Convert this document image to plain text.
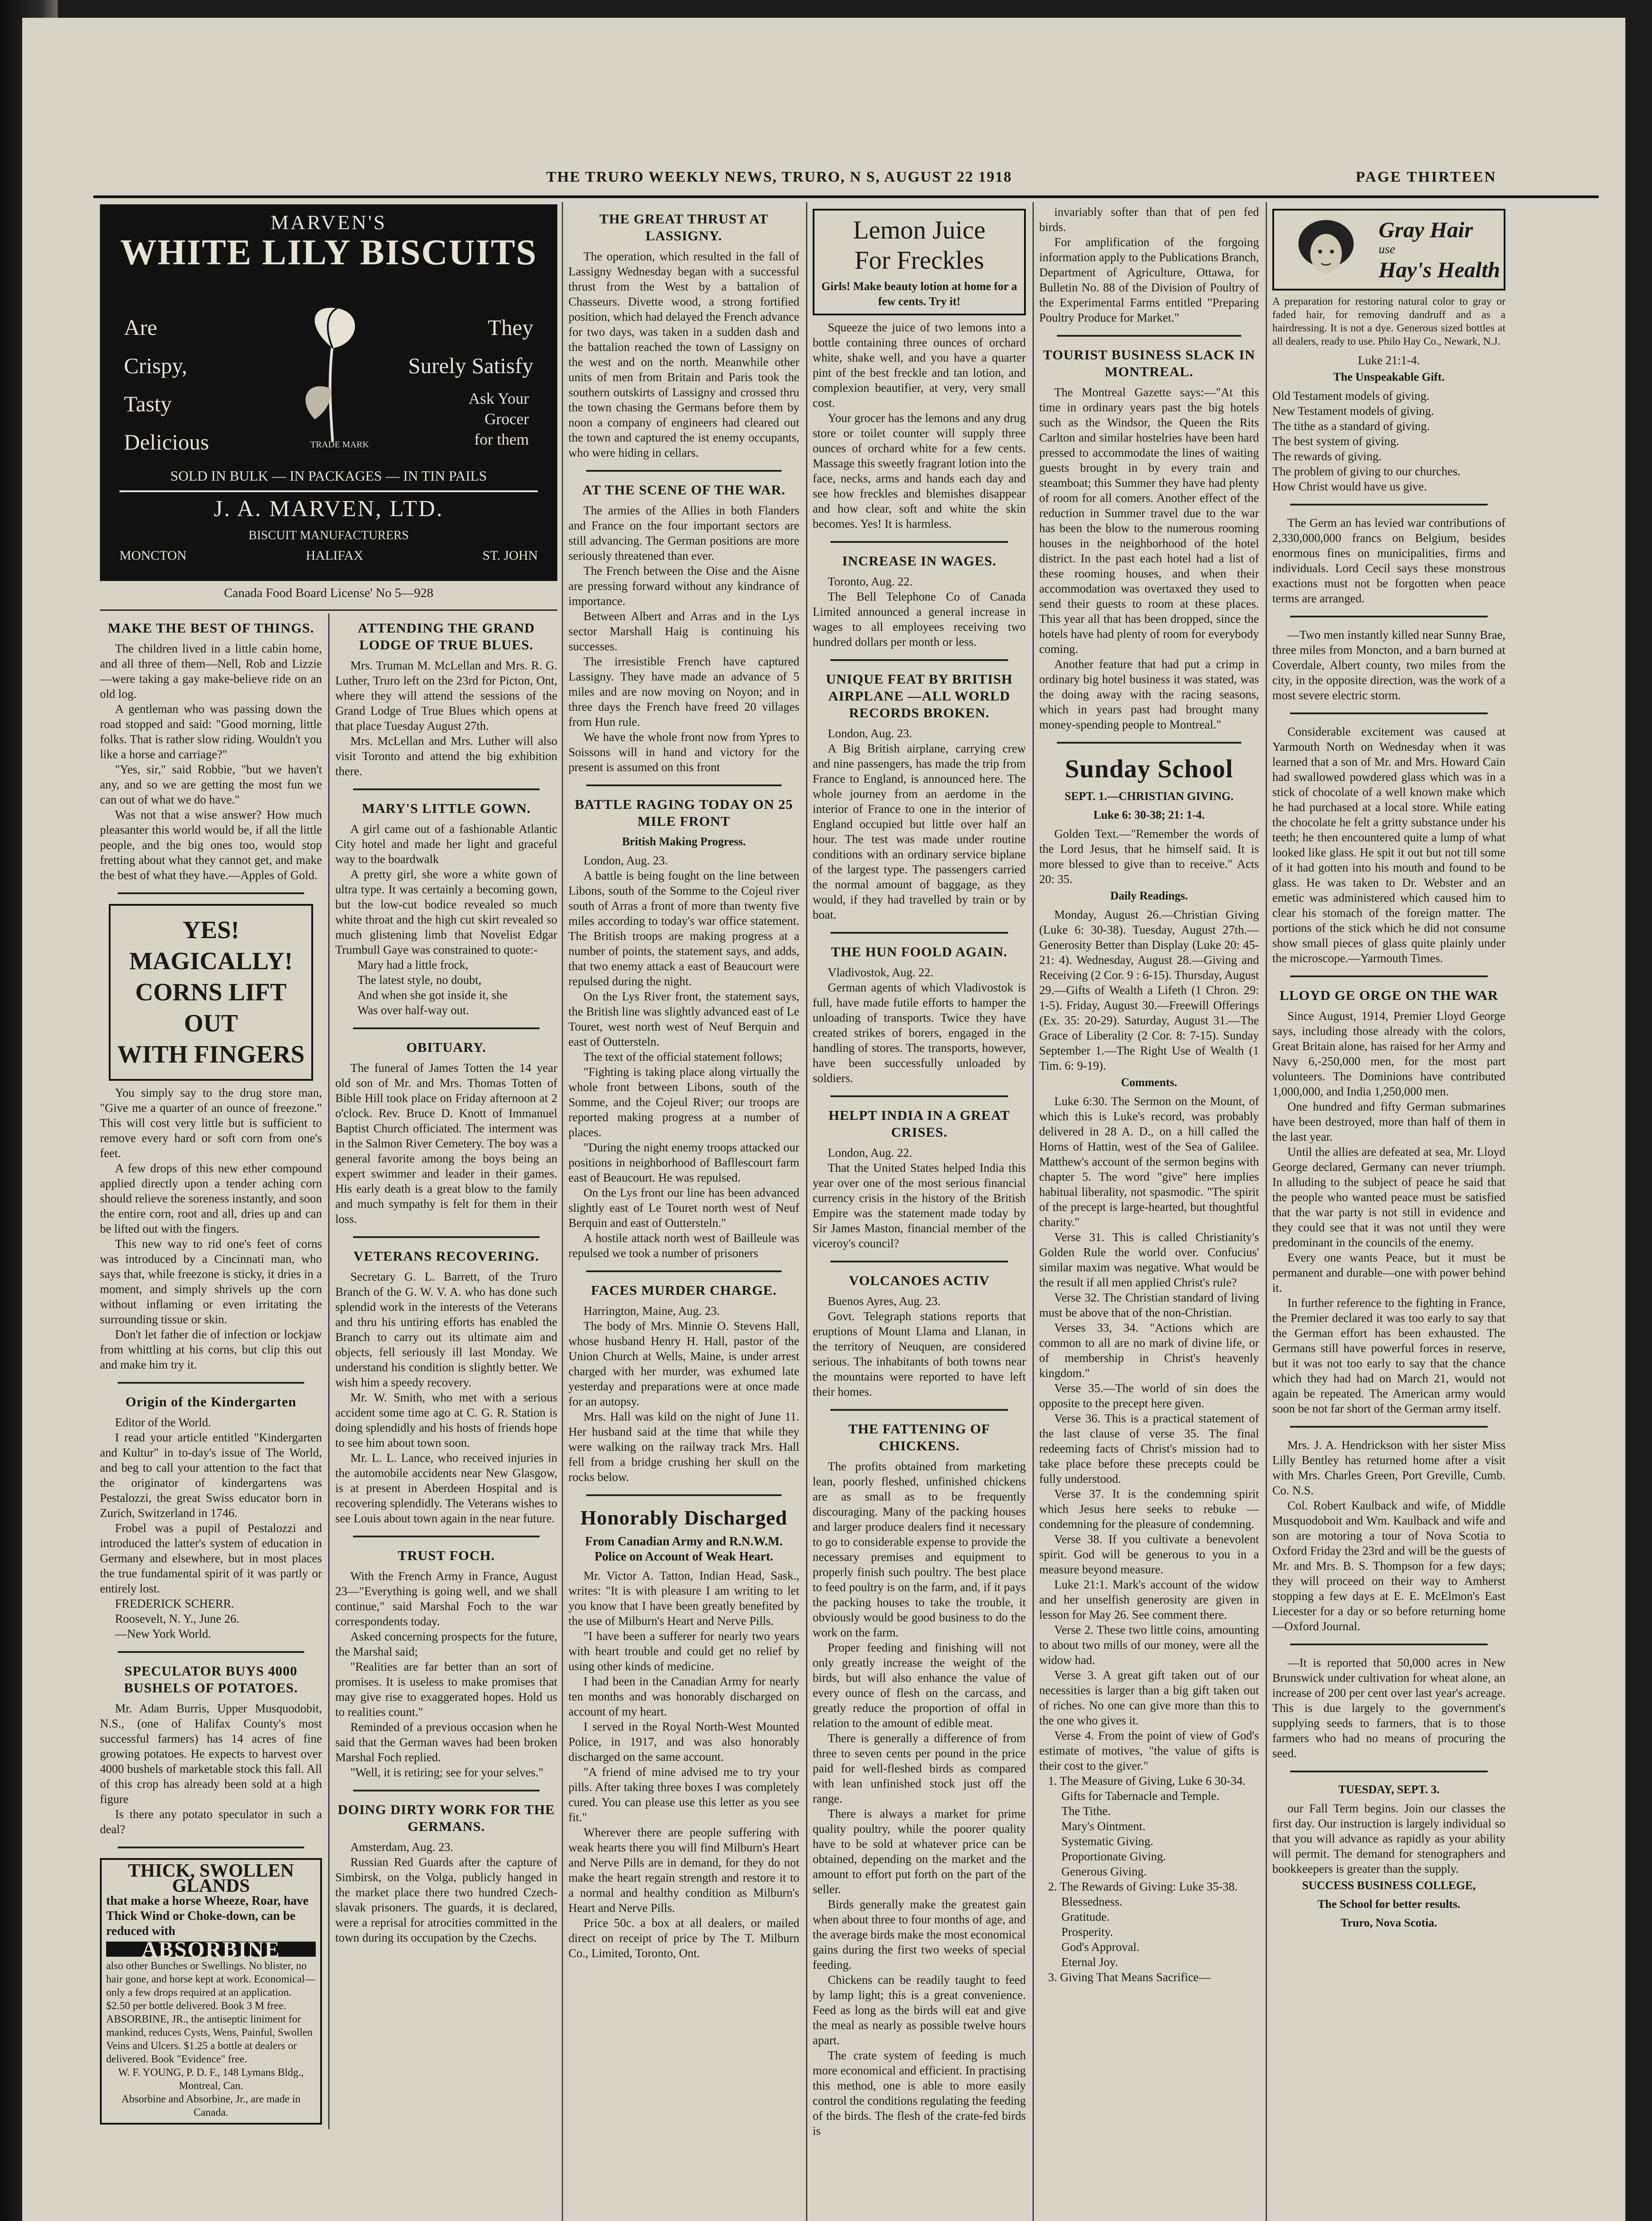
THE TRURO WEEKLY NEWS, TRURO, N S, AUGUST 22 1918	PAGE THIRTEEN
MARVEN'S
WHITE LILY BISCUITS
Are
Crispy,
Tasty
Delicious	TRADE MARK
They
Surely Satisfy
Ask Your
Grocer
for them
SOLD IN BULK — IN PACKAGES — IN TIN PAILS
J. A. MARVEN, LTD.
BISCUIT MANUFACTURERS
MONCTON	HALIFAX	ST. JOHN
Canada Food Board License' No 5—928
MAKE THE BEST OF THINGS.

The children lived in a little cabin home, and all three of them—Nell, Rob and Lizzie—were taking a gay make-believe ride on an old log.

A gentleman who was passing down the road stopped and said: "Good morning, little folks. That is rather slow riding. Wouldn't you like a horse and carriage?"

"Yes, sir," said Robbie, "but we haven't any, and so we are getting the most fun we can out of what we do have."

Was not that a wise answer? How much pleasanter this world would be, if all the little people, and the big ones too, would stop fretting about what they cannot get, and make the best of what they have.—Apples of Gold.

YES! MAGICALLY!
CORNS LIFT OUT
WITH FINGERS

You simply say to the drug store man, "Give me a quarter of an ounce of freezone." This will cost very little but is sufficient to remove every hard or soft corn from one's feet.

A few drops of this new ether compound applied directly upon a tender aching corn should relieve the soreness instantly, and soon the entire corn, root and all, dries up and can be lifted out with the fingers.

This new way to rid one's feet of corns was introduced by a Cincinnati man, who says that, while freezone is sticky, it dries in a moment, and simply shrivels up the corn without inflaming or even irritating the surrounding tissue or skin.

Don't let father die of infection or lockjaw from whittling at his corns, but clip this out and make him try it.

Origin of the Kindergarten

Editor of the World.

I read your article entitled "Kindergarten and Kultur" in to-day's issue of The World, and beg to call your attention to the fact that the originator of kindergartens was Pestalozzi, the great Swiss educator born in Zurich, Switzerland in 1746.

Frobel was a pupil of Pestalozzi and introduced the latter's system of education in Germany and elsewhere, but in most places the true fundamental spirit of it was partly or entirely lost.

FREDERICK SCHERR.

Roosevelt, N. Y., June 26.

—New York World.

SPECULATOR BUYS 4000 BUSHELS OF POTATOES.

Mr. Adam Burris, Upper Musquodobit, N.S., (one of Halifax County's most successful farmers) has 14 acres of fine growing potatoes. He expects to harvest over 4000 bushels of marketable stock this fall. All of this crop has already been sold at a high figure

Is there any potato speculator in such a deal?

THICK, SWOLLEN GLANDS
that make a horse Wheeze, Roar, have Thick Wind or Choke-down, can be reduced with
ABSORBINE
also other Bunches or Swellings. No blister, no hair gone, and horse kept at work. Economical—only a few drops required at an application. $2.50 per bottle delivered. Book 3 M free. ABSORBINE, JR., the antiseptic liniment for mankind, reduces Cysts, Wens, Painful, Swollen Veins and Ulcers. $1.25 a bottle at dealers or delivered. Book "Evidence" free.
W. F. YOUNG, P. D. F., 148 Lymans Bldg., Montreal, Can.
Absorbine and Absorbine, Jr., are made in Canada.
ATTENDING THE GRAND LODGE OF TRUE BLUES.

Mrs. Truman M. McLellan and Mrs. R. G. Luther, Truro left on the 23rd for Picton, Ont, where they will attend the sessions of the Grand Lodge of True Blues which opens at that place Tuesday August 27th.

Mrs. McLellan and Mrs. Luther will also visit Toronto and attend the big exhibition there.

MARY'S LITTLE GOWN.

A girl came out of a fashionable Atlantic City hotel and made her light and graceful way to the boardwalk

A pretty girl, she wore a white gown of ultra type. It was certainly a becoming gown, but the low-cut bodice revealed so much white throat and the high cut skirt revealed so much glistening limb that Novelist Edgar Trumbull Gaye was constrained to quote:-

Mary had a little frock,
The latest style, no doubt,
And when she got inside it, she
Was over half-way out.
OBITUARY.

The funeral of James Totten the 14 year old son of Mr. and Mrs. Thomas Totten of Bible Hill took place on Friday afternoon at 2 o'clock. Rev. Bruce D. Knott of Immanuel Baptist Church officiated. The interment was in the Salmon River Cemetery. The boy was a general favorite among the boys being an expert swimmer and leader in their games. His early death is a great blow to the family and much sympathy is felt for them in their loss.

VETERANS RECOVERING.

Secretary G. L. Barrett, of the Truro Branch of the G. W. V. A. who has done such splendid work in the interests of the Veterans and thru his untiring efforts has enabled the Branch to carry out its ultimate aim and objects, fell seriously ill last Monday. We understand his condition is slightly better. We wish him a speedy recovery.

Mr. W. Smith, who met with a serious accident some time ago at C. G. R. Station is doing splendidly and his hosts of friends hope to see him about town soon.

Mr. L. L. Lance, who received injuries in the automobile accidents near New Glasgow, is at present in Aberdeen Hospital and is recovering splendidly. The Veterans wishes to see Louis about town again in the near future.

TRUST FOCH.

With the French Army in France, August 23—"Everything is going well, and we shall continue," said Marshal Foch to the war correspondents today.

Asked concerning prospects for the future, the Marshal said;

"Realities are far better than an sort of promises. It is useless to make promises that may give rise to exaggerated hopes. Hold us to realities count."

Reminded of a previous occasion when he said that the German waves had been broken Marshal Foch replied.

"Well, it is retiring; see for your selves."

DOING DIRTY WORK FOR THE GERMANS.

Amsterdam, Aug. 23.

Russian Red Guards after the capture of Simbirsk, on the Volga, publicly hanged in the market place there two hundred Czech-slavak prisoners. The guards, it is declared, were a reprisal for atrocities committed in the town during its occupation by the Czechs.

THE GREAT THRUST AT LASSIGNY.

The operation, which resulted in the fall of Lassigny Wednesday began with a successful thrust from the West by a battalion of Chasseurs. Divette wood, a strong fortified position, which had delayed the French advance for two days, was taken in a sudden dash and the battalion reached the town of Lassigny on the west and on the north. Meanwhile other units of men from Britain and Paris took the southern outskirts of Lassigny and crossed thru the town chasing the Germans before them by noon a company of engineers had cleared out the town and captured the ist enemy occupants, who were hiding in cellars.

AT THE SCENE OF THE WAR.

The armies of the Allies in both Flanders and France on the four important sectors are still advancing. The German positions are more seriously threatened than ever.

The French between the Oise and the Aisne are pressing forward without any kindrance of importance.

Between Albert and Arras and in the Lys sector Marshall Haig is continuing his successes.

The irresistible French have captured Lassigny. They have made an advance of 5 miles and are now moving on Noyon; and in three days the French have freed 20 villages from Hun rule.

We have the whole front now from Ypres to Soissons will in hand and victory for the present is assumed on this front

BATTLE RAGING TODAY ON 25 MILE FRONT
British Making Progress.

London, Aug. 23.

A battle is being fought on the line between Libons, south of the Somme to the Cojeul river south of Arras a front of more than twenty five miles according to today's war office statement. The British troops are making progress at a number of points, the statement says, and adds, that two enemy attack a east of Beaucourt were repulsed during the night.

On the Lys River front, the statement says, the British line was slightly advanced east of Le Touret, west north west of Neuf Berquin and east of Outtersteln.

The text of the official statement follows;

"Fighting is taking place along virtually the whole front between Libons, south of the Somme, and the Cojeul River; our troops are reported making progress at a number of places.

"During the night enemy troops attacked our positions in neighborhood of Bafllescourt farm east of Beaucourt. He was repulsed.

On the Lys front our line has been advanced slightly east of Le Touret north west of Neuf Berquin and east of Outtersteln."

A hostile attack north west of Bailleule was repulsed we took a number of prisoners

FACES MURDER CHARGE.

Harrington, Maine, Aug. 23.

The body of Mrs. Minnie O. Stevens Hall, whose husband Henry H. Hall, pastor of the Union Church at Wells, Maine, is under arrest charged with her murder, was exhumed late yesterday and preparations were at once made for an autopsy.

Mrs. Hall was kild on the night of June 11. Her husband said at the time that while they were walking on the railway track Mrs. Hall fell from a bridge crushing her skull on the rocks below.

Honorably Discharged
From Canadian Army and R.N.W.M. Police on Account of Weak Heart.

Mr. Victor A. Tatton, Indian Head, Sask., writes: "It is with pleasure I am writing to let you know that I have been greatly benefited by the use of Milburn's Heart and Nerve Pills.

"I have been a sufferer for nearly two years with heart trouble and could get no relief by using other kinds of medicine.

I had been in the Canadian Army for nearly ten months and was honorably discharged on account of my heart.

I served in the Royal North-West Mounted Police, in 1917, and was also honorably discharged on the same account.

"A friend of mine advised me to try your pills. After taking three boxes I was completely cured. You can please use this letter as you see fit."

Wherever there are people suffering with weak hearts there you will find Milburn's Heart and Nerve Pills are in demand, for they do not make the heart regain strength and restore it to a normal and healthy condition as Milburn's Heart and Nerve Pills.

Price 50c. a box at all dealers, or mailed direct on receipt of price by The T. Milburn Co., Limited, Toronto, Ont.

Lemon Juice
For Freckles
Girls! Make beauty lotion at home for a few cents. Try it!

Squeeze the juice of two lemons into a bottle containing three ounces of orchard white, shake well, and you have a quarter pint of the best freckle and tan lotion, and complexion beautifier, at very, very small cost.

Your grocer has the lemons and any drug store or toilet counter will supply three ounces of orchard white for a few cents. Massage this sweetly fragrant lotion into the face, necks, arms and hands each day and see how freckles and blemishes disappear and how clear, soft and white the skin becomes. Yes! It is harmless.

INCREASE IN WAGES.

Toronto, Aug. 22.

The Bell Telephone Co of Canada Limited announced a general increase in wages to all employees receiving two hundred dollars per month or less.

UNIQUE FEAT BY BRITISH AIRPLANE —ALL WORLD RECORDS BROKEN.

London, Aug. 23.

A Big British airplane, carrying crew and nine passengers, has made the trip from France to England, is announced here. The whole journey from an aerdome in the interior of France to one in the interior of England occupied but little over half an hour. The test was made under routine conditions with an ordinary service biplane of the largest type. The passengers carried the normal amount of baggage, as they would, if they had travelled by train or by boat.

THE HUN FOOLD AGAIN.

Vladivostok, Aug. 22.

German agents of which Vladivostok is full, have made futile efforts to hamper the unloading of transports. Twice they have created strikes of borers, engaged in the handling of stores. The transports, however, have been successfully unloaded by soldiers.

HELPT INDIA IN A GREAT CRISES.

London, Aug. 22.

That the United States helped India this year over one of the most serious financial currency crisis in the history of the British Empire was the statement made today by Sir James Maston, financial member of the viceroy's council?

VOLCANOES ACTIV

Buenos Ayres, Aug. 23.

Govt. Telegraph stations reports that eruptions of Mount Llama and Llanan, in the territory of Neuquen, are considered serious. The inhabitants of both towns near the mountains were reported to have left their homes.

THE FATTENING OF CHICKENS.

The profits obtained from marketing lean, poorly fleshed, unfinished chickens are as small as to be frequently discouraging. Many of the packing houses and larger produce dealers find it necessary to go to considerable expense to provide the necessary premises and equipment to properly finish such poultry. The best place to feed poultry is on the farm, and, if it pays the packing houses to take the trouble, it obviously would be good business to do the work on the farm.

Proper feeding and finishing will not only greatly increase the weight of the birds, but will also enhance the value of every ounce of flesh on the carcass, and greatly reduce the proportion of offal in relation to the amount of edible meat.

There is generally a difference of from three to seven cents per pound in the price paid for well-fleshed birds as compared with lean unfinished stock just off the range.

There is always a market for prime quality poultry, while the poorer quality have to be sold at whatever price can be obtained, depending on the market and the amount to effort put forth on the part of the seller.

Birds generally make the greatest gain when about three to four months of age, and the average birds make the most economical gains during the first two weeks of special feeding.

Chickens can be readily taught to feed by lamp light; this is a great convenience. Feed as long as the birds will eat and give the meal as nearly as possible twelve hours apart.

The crate system of feeding is much more economical and efficient. In practising this method, one is able to more easily control the conditions regulating the feeding of the birds. The flesh of the crate-fed birds is

invariably softer than that of pen fed birds.

For amplification of the forgoing information apply to the Publications Branch, Department of Agriculture, Ottawa, for Bulletin No. 88 of the Division of Poultry of the Experimental Farms entitled "Preparing Poultry Produce for Market."

TOURIST BUSINESS SLACK IN MONTREAL.

The Montreal Gazette says:—"At this time in ordinary years past the big hotels such as the Windsor, the Queen the Rits Carlton and similar hostelries have been hard pressed to accommodate the lines of waiting guests brought in by every train and steamboat; this Summer they have had plenty of room for all comers. Another effect of the reduction in Summer travel due to the war has been the blow to the numerous rooming houses in the neighborhood of the hotel district. In the past each hotel had a list of these rooming houses, and when their accommodation was overtaxed they used to send their guests to room at these places. This year all that has been dropped, since the hotels have had plenty of room for everybody coming.

Another feature that had put a crimp in ordinary big hotel business it was stated, was the doing away with the racing seasons, which in years past had brought many money-spending people to Montreal."

Sunday School
SEPT. 1.—CHRISTIAN GIVING.
Luke 6: 30-38; 21: 1-4.

Golden Text.—"Remember the words of the Lord Jesus, that he himself said. It is more blessed to give than to receive." Acts 20: 35.

Daily Readings.

Monday, August 26.—Christian Giving (Luke 6: 30-38). Tuesday, August 27th.—Generosity Better than Display (Luke 20: 45-21: 4). Wednesday, August 28.—Giving and Receiving (2 Cor. 9 : 6-15). Thursday, August 29.—Gifts of Wealth a Lifeth (1 Chron. 29: 1-5). Friday, August 30.—Freewill Offerings (Ex. 35: 20-29). Saturday, August 31.—The Grace of Liberality (2 Cor. 8: 7-15). Sunday September 1.—The Right Use of Wealth (1 Tim. 6: 9-19).

Comments.

Luke 6:30. The Sermon on the Mount, of which this is Luke's record, was probably delivered in 28 A. D., on a hill called the Horns of Hattin, west of the Sea of Galilee. Matthew's account of the sermon begins with chapter 5. The word "give" here implies habitual liberality, not spasmodic. "The spirit of the precept is large-hearted, but thoughtful charity."

Verse 31. This is called Christianity's Golden Rule the world over. Confucius' similar maxim was negative. What would be the result if all men applied Christ's rule?

Verse 32. The Christian standard of living must be above that of the non-Christian.

Verses 33, 34. "Actions which are common to all are no mark of divine life, or of membership in Christ's heavenly kingdom."

Verse 35.—The world of sin does the opposite to the precept here given.

Verse 36. This is a practical statement of the last clause of verse 35. The final redeeming facts of Christ's mission had to take place before these precepts could be fully understood.

Verse 37. It is the condemning spirit which Jesus here seeks to rebuke —condemning for the pleasure of condemning.

Verse 38. If you cultivate a benevolent spirit. God will be generous to you in a measure beyond measure.

Luke 21:1. Mark's account of the widow and her unselfish generosity are given in lesson for May 26. See comment there.

Verse 2. These two little coins, amounting to about two mills of our money, were all the widow had.

Verse 3. A great gift taken out of our necessities is larger than a big gift taken out of riches. No one can give more than this to the one who gives it.

Verse 4. From the point of view of God's estimate of motives, "the value of gifts is their cost to the giver."

1. The Measure of Giving, Luke 6 30-34.
Gifts for Tabernacle and Temple.
The Tithe.
Mary's Ointment.
Systematic Giving.
Proportionate Giving.
Generous Giving.
2. The Rewards of Giving: Luke 35-38.
Blessedness.
Gratitude.
Prosperity.
God's Approval.
Eternal Joy.
3. Giving That Means Sacrifice—
Gray Hair
use
Hay's Health
A preparation for restoring natural color to gray or faded hair, for removing dandruff and as a hairdressing. It is not a dye. Generous sized bottles at all dealers, ready to use. Philo Hay Co., Newark, N.J.
Luke 21:1-4.
The Unspeakable Gift.
Old Testament models of giving.
New Testament models of giving.
The tithe as a standard of giving.
The best system of giving.
The rewards of giving.
The problem of giving to our churches.
How Christ would have us give.

The Germ an has levied war contributions of 2,330,000,000 francs on Belgium, besides enormous fines on municipalities, firms and individuals. Lord Cecil says these monstrous exactions must not be forgotten when peace terms are arranged.

—Two men instantly killed near Sunny Brae, three miles from Moncton, and a barn burned at Coverdale, Albert county, two miles from the city, in the opposite direction, was the work of a most severe electric storm.

Considerable excitement was caused at Yarmouth North on Wednesday when it was learned that a son of Mr. and Mrs. Howard Cain had swallowed powdered glass which was in a stick of chocolate of a well known make which he had purchased at a local store. While eating the chocolate he felt a gritty substance under his teeth; he then encountered quite a lump of what looked like glass. He spit it out but not till some of it had gotten into his mouth and found to be glass. He was taken to Dr. Webster and an emetic was administered which caused him to clear his stomach of the foreign matter. The portions of the stick which he did not consume show small pieces of glass quite plainly under the microscope.—Yarmouth Times.

LLOYD GE ORGE ON THE WAR

Since August, 1914, Premier Lloyd George says, including those already with the colors, Great Britain alone, has raised for her Army and Navy 6,-250,000 men, for the most part volunteers. The Dominions have contributed 1,000,000, and India 1,250,000 men.

One hundred and fifty German submarines have been destroyed, more than half of them in the last year.

Until the allies are defeated at sea, Mr. Lloyd George declared, Germany can never triumph. In alluding to the subject of peace he said that the people who wanted peace must be satisfied that the war party is not still in evidence and they could see that it was not until they were predominant in the councils of the enemy.

Every one wants Peace, but it must be permanent and durable—one with power behind it.

In further reference to the fighting in France, the Premier declared it was too early to say that the German effort has been exhausted. The Germans still have powerful forces in reserve, but it was not too early to say that the chance which they had had on March 21, would not again be repeated. The American army would soon be not far short of the German army itself.

Mrs. J. A. Hendrickson with her sister Miss Lilly Bentley has returned home after a visit with Mrs. Charles Green, Port Greville, Cumb. Co. N.S.

Col. Robert Kaulback and wife, of Middle Musquodoboit and Wm. Kaulback and wife and son are motoring a tour of Nova Scotia to Oxford Friday the 23rd and will be the guests of Mr. and Mrs. B. S. Thompson for a few days; they will proceed on their way to Amherst stopping a few days at E. E. McElmon's East Liecester for a day or so before returning home—Oxford Journal.

—It is reported that 50,000 acres in New Brunswick under cultivation for wheat alone, an increase of 200 per cent over last year's acreage. This is due largely to the government's supplying seeds to farmers, that is to those farmers who had no means of procuring the seed.

TUESDAY, SEPT. 3.

our Fall Term begins. Join our classes the first day. Our instruction is largely individual so that you will advance as rapidly as your ability will permit. The demand for stenographers and bookkeepers is greater than the supply.

SUCCESS BUSINESS COLLEGE,
The School for better results.
Truro, Nova Scotia.
